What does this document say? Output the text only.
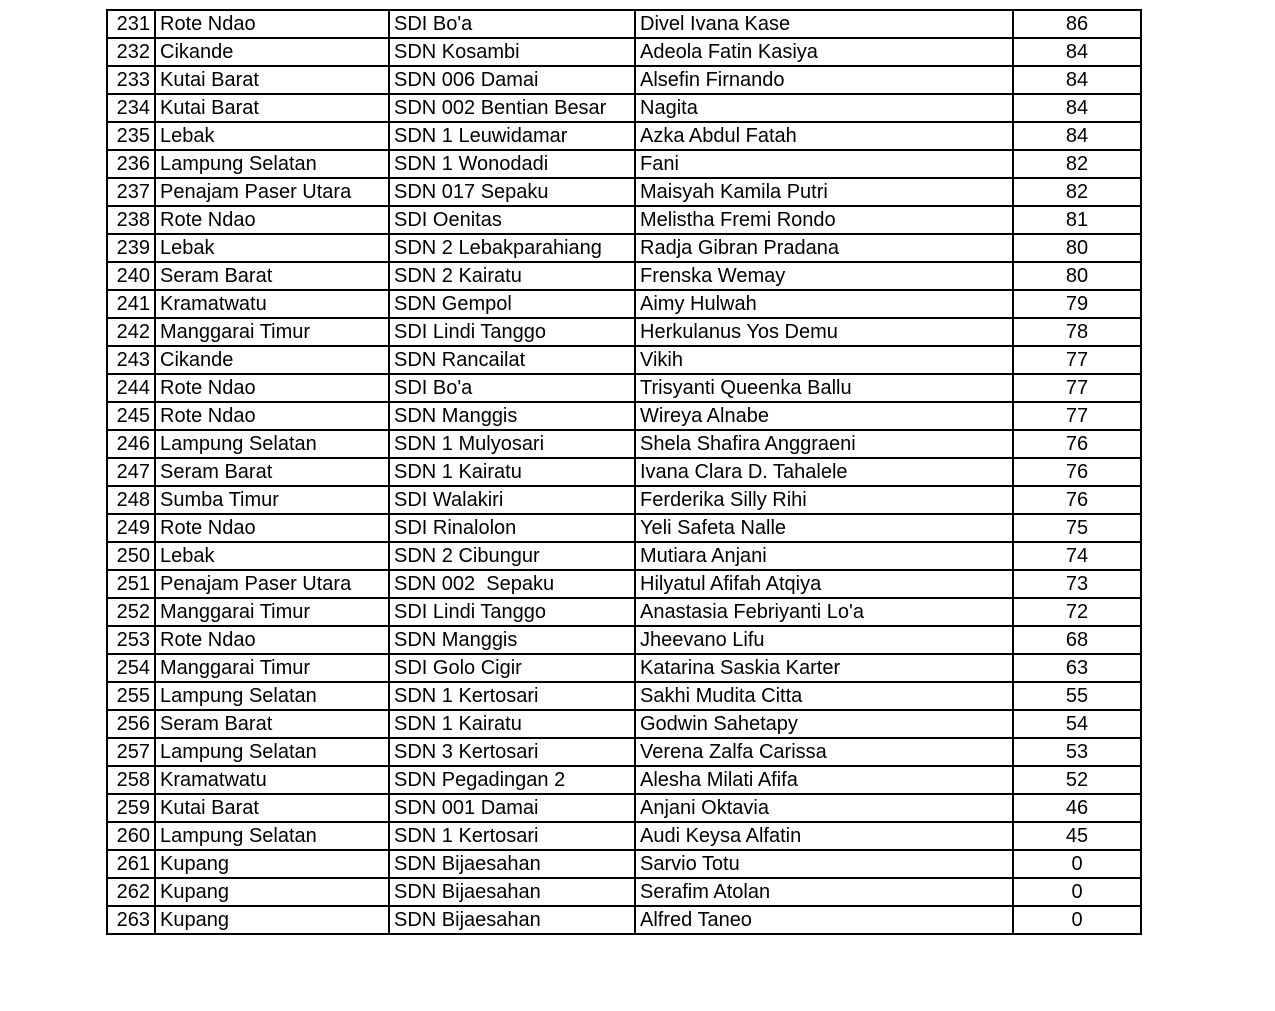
231	Rote Ndao	SDI Bo'a	Divel Ivana Kase	86
232	Cikande	SDN Kosambi	Adeola Fatin Kasiya	84
233	Kutai Barat	SDN 006 Damai	Alsefin Firnando	84
234	Kutai Barat	SDN 002 Bentian Besar	Nagita	84
235	Lebak	SDN 1 Leuwidamar	Azka Abdul Fatah	84
236	Lampung Selatan	SDN 1 Wonodadi	Fani	82
237	Penajam Paser Utara	SDN 017 Sepaku	Maisyah Kamila Putri	82
238	Rote Ndao	SDI Oenitas	Melistha Fremi Rondo	81
239	Lebak	SDN 2 Lebakparahiang	Radja Gibran Pradana	80
240	Seram Barat	SDN 2 Kairatu	Frenska Wemay	80
241	Kramatwatu	SDN Gempol	Aimy Hulwah	79
242	Manggarai Timur	SDI Lindi Tanggo	Herkulanus Yos Demu	78
243	Cikande	SDN Rancailat	Vikih	77
244	Rote Ndao	SDI Bo'a	Trisyanti Queenka Ballu	77
245	Rote Ndao	SDN Manggis	Wireya Alnabe	77
246	Lampung Selatan	SDN 1 Mulyosari	Shela Shafira Anggraeni	76
247	Seram Barat	SDN 1 Kairatu	Ivana Clara D. Tahalele	76
248	Sumba Timur	SDI Walakiri	Ferderika Silly Rihi	76
249	Rote Ndao	SDI Rinalolon	Yeli Safeta Nalle	75
250	Lebak	SDN 2 Cibungur	Mutiara Anjani	74
251	Penajam Paser Utara	SDN 002  Sepaku	Hilyatul Afifah Atqiya	73
252	Manggarai Timur	SDI Lindi Tanggo	Anastasia Febriyanti Lo'a	72
253	Rote Ndao	SDN Manggis	Jheevano Lifu	68
254	Manggarai Timur	SDI Golo Cigir	Katarina Saskia Karter	63
255	Lampung Selatan	SDN 1 Kertosari	Sakhi Mudita Citta	55
256	Seram Barat	SDN 1 Kairatu	Godwin Sahetapy	54
257	Lampung Selatan	SDN 3 Kertosari	Verena Zalfa Carissa	53
258	Kramatwatu	SDN Pegadingan 2	Alesha Milati Afifa	52
259	Kutai Barat	SDN 001 Damai	Anjani Oktavia	46
260	Lampung Selatan	SDN 1 Kertosari	Audi Keysa Alfatin	45
261	Kupang	SDN Bijaesahan	Sarvio Totu	0
262	Kupang	SDN Bijaesahan	Serafim Atolan	0
263	Kupang	SDN Bijaesahan	Alfred Taneo	0
